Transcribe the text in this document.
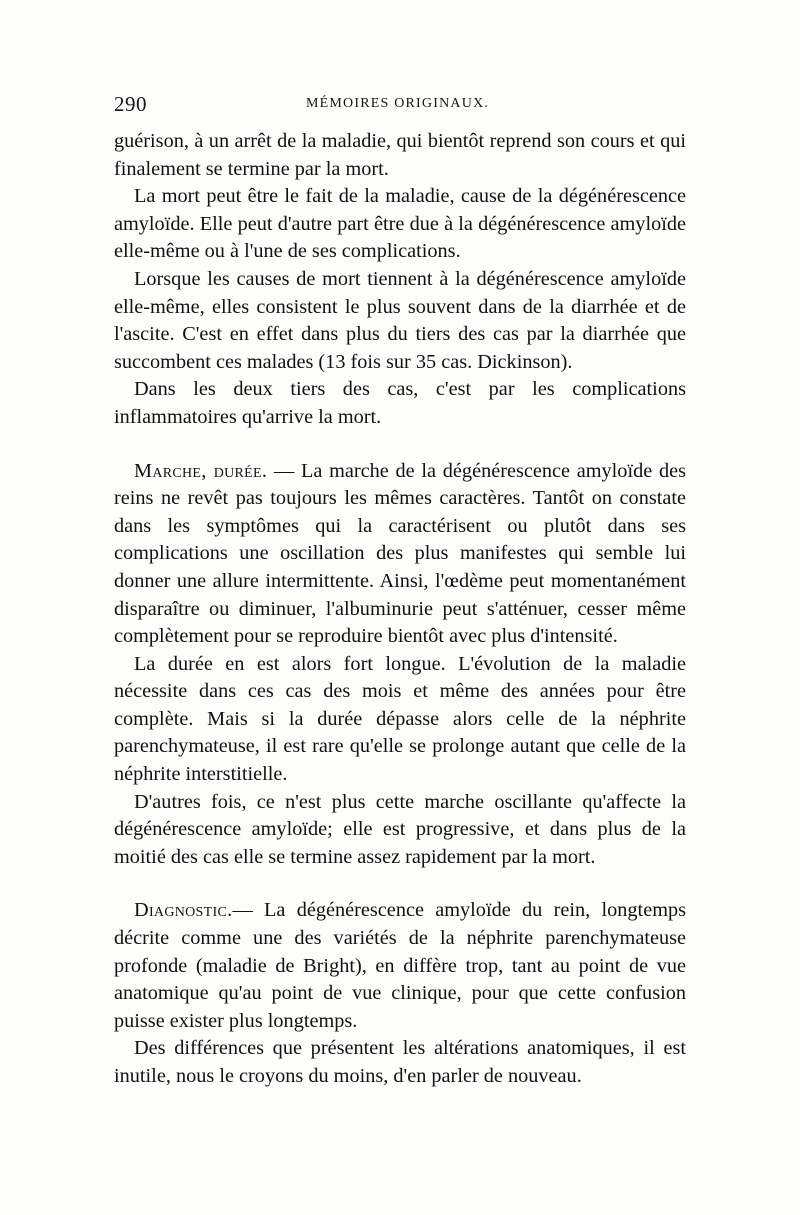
290	MÉMOIRES ORIGINAUX.

guérison, à un arrêt de la maladie, qui bientôt reprend son cours et qui finalement se termine par la mort.

La mort peut être le fait de la maladie, cause de la dégénérescence amyloïde. Elle peut d'autre part être due à la dégénérescence amyloïde elle-même ou à l'une de ses complications.

Lorsque les causes de mort tiennent à la dégénérescence amyloïde elle-même, elles consistent le plus souvent dans de la diarrhée et de l'ascite. C'est en effet dans plus du tiers des cas par la diarrhée que succombent ces malades (13 fois sur 35 cas. Dickinson).

Dans les deux tiers des cas, c'est par les complications inflammatoires qu'arrive la mort.

Marche, durée. — La marche de la dégénérescence amyloïde des reins ne revêt pas toujours les mêmes caractères. Tantôt on constate dans les symptômes qui la caractérisent ou plutôt dans ses complications une oscillation des plus manifestes qui semble lui donner une allure intermittente. Ainsi, l'œdème peut momentanément disparaître ou diminuer, l'albuminurie peut s'atténuer, cesser même complètement pour se reproduire bientôt avec plus d'intensité.

La durée en est alors fort longue. L'évolution de la maladie nécessite dans ces cas des mois et même des années pour être complète. Mais si la durée dépasse alors celle de la néphrite parenchymateuse, il est rare qu'elle se prolonge autant que celle de la néphrite interstitielle.

D'autres fois, ce n'est plus cette marche oscillante qu'affecte la dégénérescence amyloïde; elle est progressive, et dans plus de la moitié des cas elle se termine assez rapidement par la mort.

Diagnostic.— La dégénérescence amyloïde du rein, longtemps décrite comme une des variétés de la néphrite parenchymateuse profonde (maladie de Bright), en diffère trop, tant au point de vue anatomique qu'au point de vue clinique, pour que cette confusion puisse exister plus longtemps.

Des différences que présentent les altérations anatomiques, il est inutile, nous le croyons du moins, d'en parler de nouveau.
